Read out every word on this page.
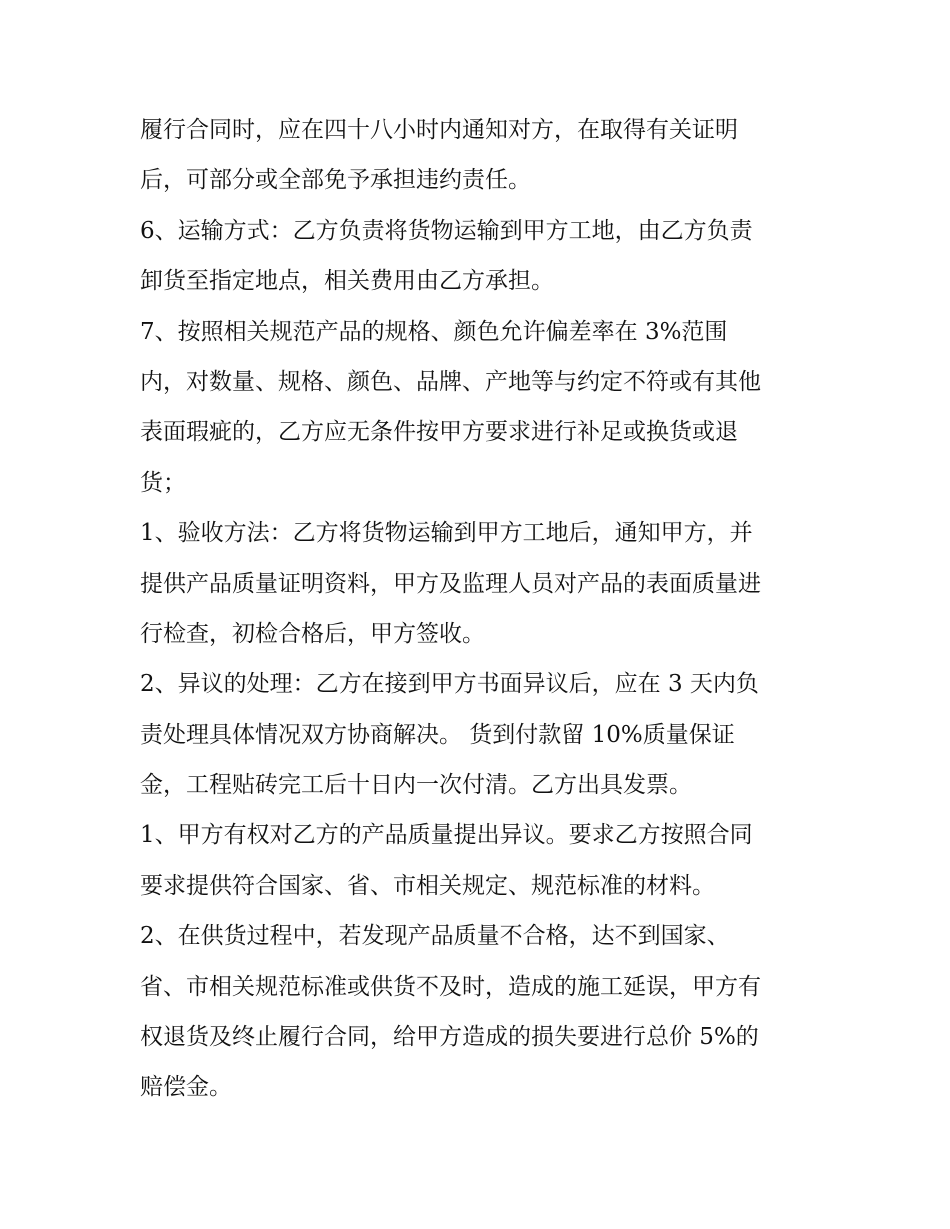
履行合同时，应在四十八小时内通知对方，在取得有关证明
后，可部分或全部免予承担违约责任。
6、运输方式：乙方负责将货物运输到甲方工地，由乙方负责
卸货至指定地点，相关费用由乙方承担。
7、按照相关规范产品的规格、颜色允许偏差率在 3%范围
内，对数量、规格、颜色、品牌、产地等与约定不符或有其他
表面瑕疵的，乙方应无条件按甲方要求进行补足或换货或退
货；
1、验收方法：乙方将货物运输到甲方工地后，通知甲方，并
提供产品质量证明资料，甲方及监理人员对产品的表面质量进
行检查，初检合格后，甲方签收。
2、异议的处理：乙方在接到甲方书面异议后，应在 3 天内负
责处理具体情况双方协商解决。 货到付款留 10%质量保证
金，工程贴砖完工后十日内一次付清。乙方出具发票。
1、甲方有权对乙方的产品质量提出异议。要求乙方按照合同
要求提供符合国家、省、市相关规定、规范标准的材料。
2、在供货过程中，若发现产品质量不合格，达不到国家、
省、市相关规范标准或供货不及时，造成的施工延误，甲方有
权退货及终止履行合同，给甲方造成的损失要进行总价 5%的
赔偿金。
